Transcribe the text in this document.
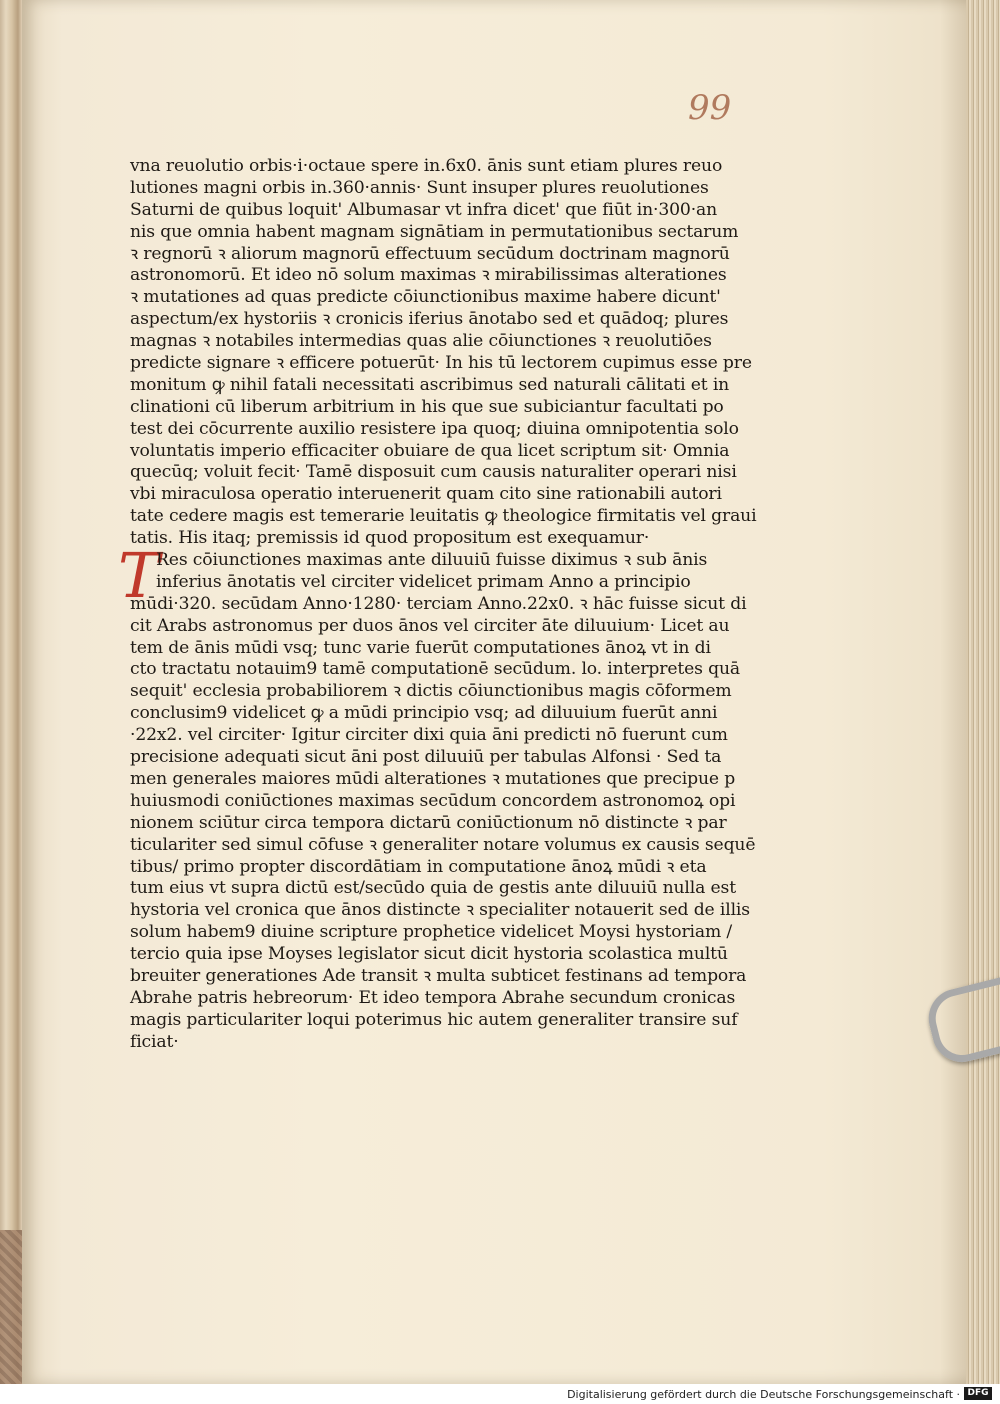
99
T
vna reuolutio orbis·i·octaue spere in.6x0. ānis sunt etiam plures reuo
lutiones magni orbis in.360·annis· Sunt insuper plures reuolutiones
Saturni de quibus loquit' Albumasar vt infra dicet' que fiūt in·300·an
nis que omnia habent magnam signātiam in permutationibus sectarum
ꝛ regnorū ꝛ aliorum magnorū effectuum secūdum doctrinam magnorū
astronomorū. Et ideo nō solum maximas ꝛ mirabilissimas alterationes
ꝛ mutationes ad quas predicte cōiunctionibus maxime habere dicunt'
aspectum/ex hystoriis ꝛ cronicis iferius ānotabo sed et quādoq; plures
magnas ꝛ notabiles intermedias quas alie cōiunctiones ꝛ reuolutiōes
predicte signare ꝛ efficere potuerūt· In his tū lectorem cupimus esse pre
monitum ꝙ nihil fatali necessitati ascribimus sed naturali cālitati et in
clinationi cū liberum arbitrium in his que sue subiciantur facultati po
test dei cōcurrente auxilio resistere ipa quoq; diuina omnipotentia solo
voluntatis imperio efficaciter obuiare de qua licet scriptum sit· Omnia
quecūq; voluit fecit· Tamē disposuit cum causis naturaliter operari nisi
vbi miraculosa operatio interuenerit quam cito sine rationabili autori
tate cedere magis est temerarie leuitatis ꝙ theologice firmitatis vel graui
tatis. His itaq; premissis id quod propositum est exequamur·
Res cōiunctiones maximas ante diluuiū fuisse diximus ꝛ sub ānis
inferius ānotatis vel circiter videlicet primam Anno a principio
mūdi·320. secūdam Anno·1280· terciam Anno.22x0. ꝛ hāc fuisse sicut di
cit Arabs astronomus per duos ānos vel circiter āte diluuium· Licet au
tem de ānis mūdi vsq; tunc varie fuerūt computationes ānoꝝ vt in di
cto tractatu notauim9 tamē computationē secūdum. lo. interpretes quā
sequit' ecclesia probabiliorem ꝛ dictis cōiunctionibus magis cōformem
conclusim9 videlicet ꝙ a mūdi principio vsq; ad diluuium fuerūt anni
·22x2. vel circiter· Igitur circiter dixi quia āni predicti nō fuerunt cum
precisione adequati sicut āni post diluuiū per tabulas Alfonsi · Sed ta
men generales maiores mūdi alterationes ꝛ mutationes que precipue p
huiusmodi coniūctiones maximas secūdum concordem astronomoꝝ opi
nionem sciūtur circa tempora dictarū coniūctionum nō distincte ꝛ par
ticulariter sed simul cōfuse ꝛ generaliter notare volumus ex causis sequē
tibus/ primo propter discordātiam in computatione ānoꝝ mūdi ꝛ eta
tum eius vt supra dictū est/secūdo quia de gestis ante diluuiū nulla est
hystoria vel cronica que ānos distincte ꝛ specialiter notauerit sed de illis
solum habem9 diuine scripture prophetice videlicet Moysi hystoriam /
tercio quia ipse Moyses legislator sicut dicit hystoria scolastica multū
breuiter generationes Ade transit ꝛ multa subticet festinans ad tempora
Abrahe patris hebreorum· Et ideo tempora Abrahe secundum cronicas
magis particulariter loqui poterimus hic autem generaliter transire suf
ficiat·
Digitalisierung gefördert durch die Deutsche Forschungsgemeinschaft · DFG
